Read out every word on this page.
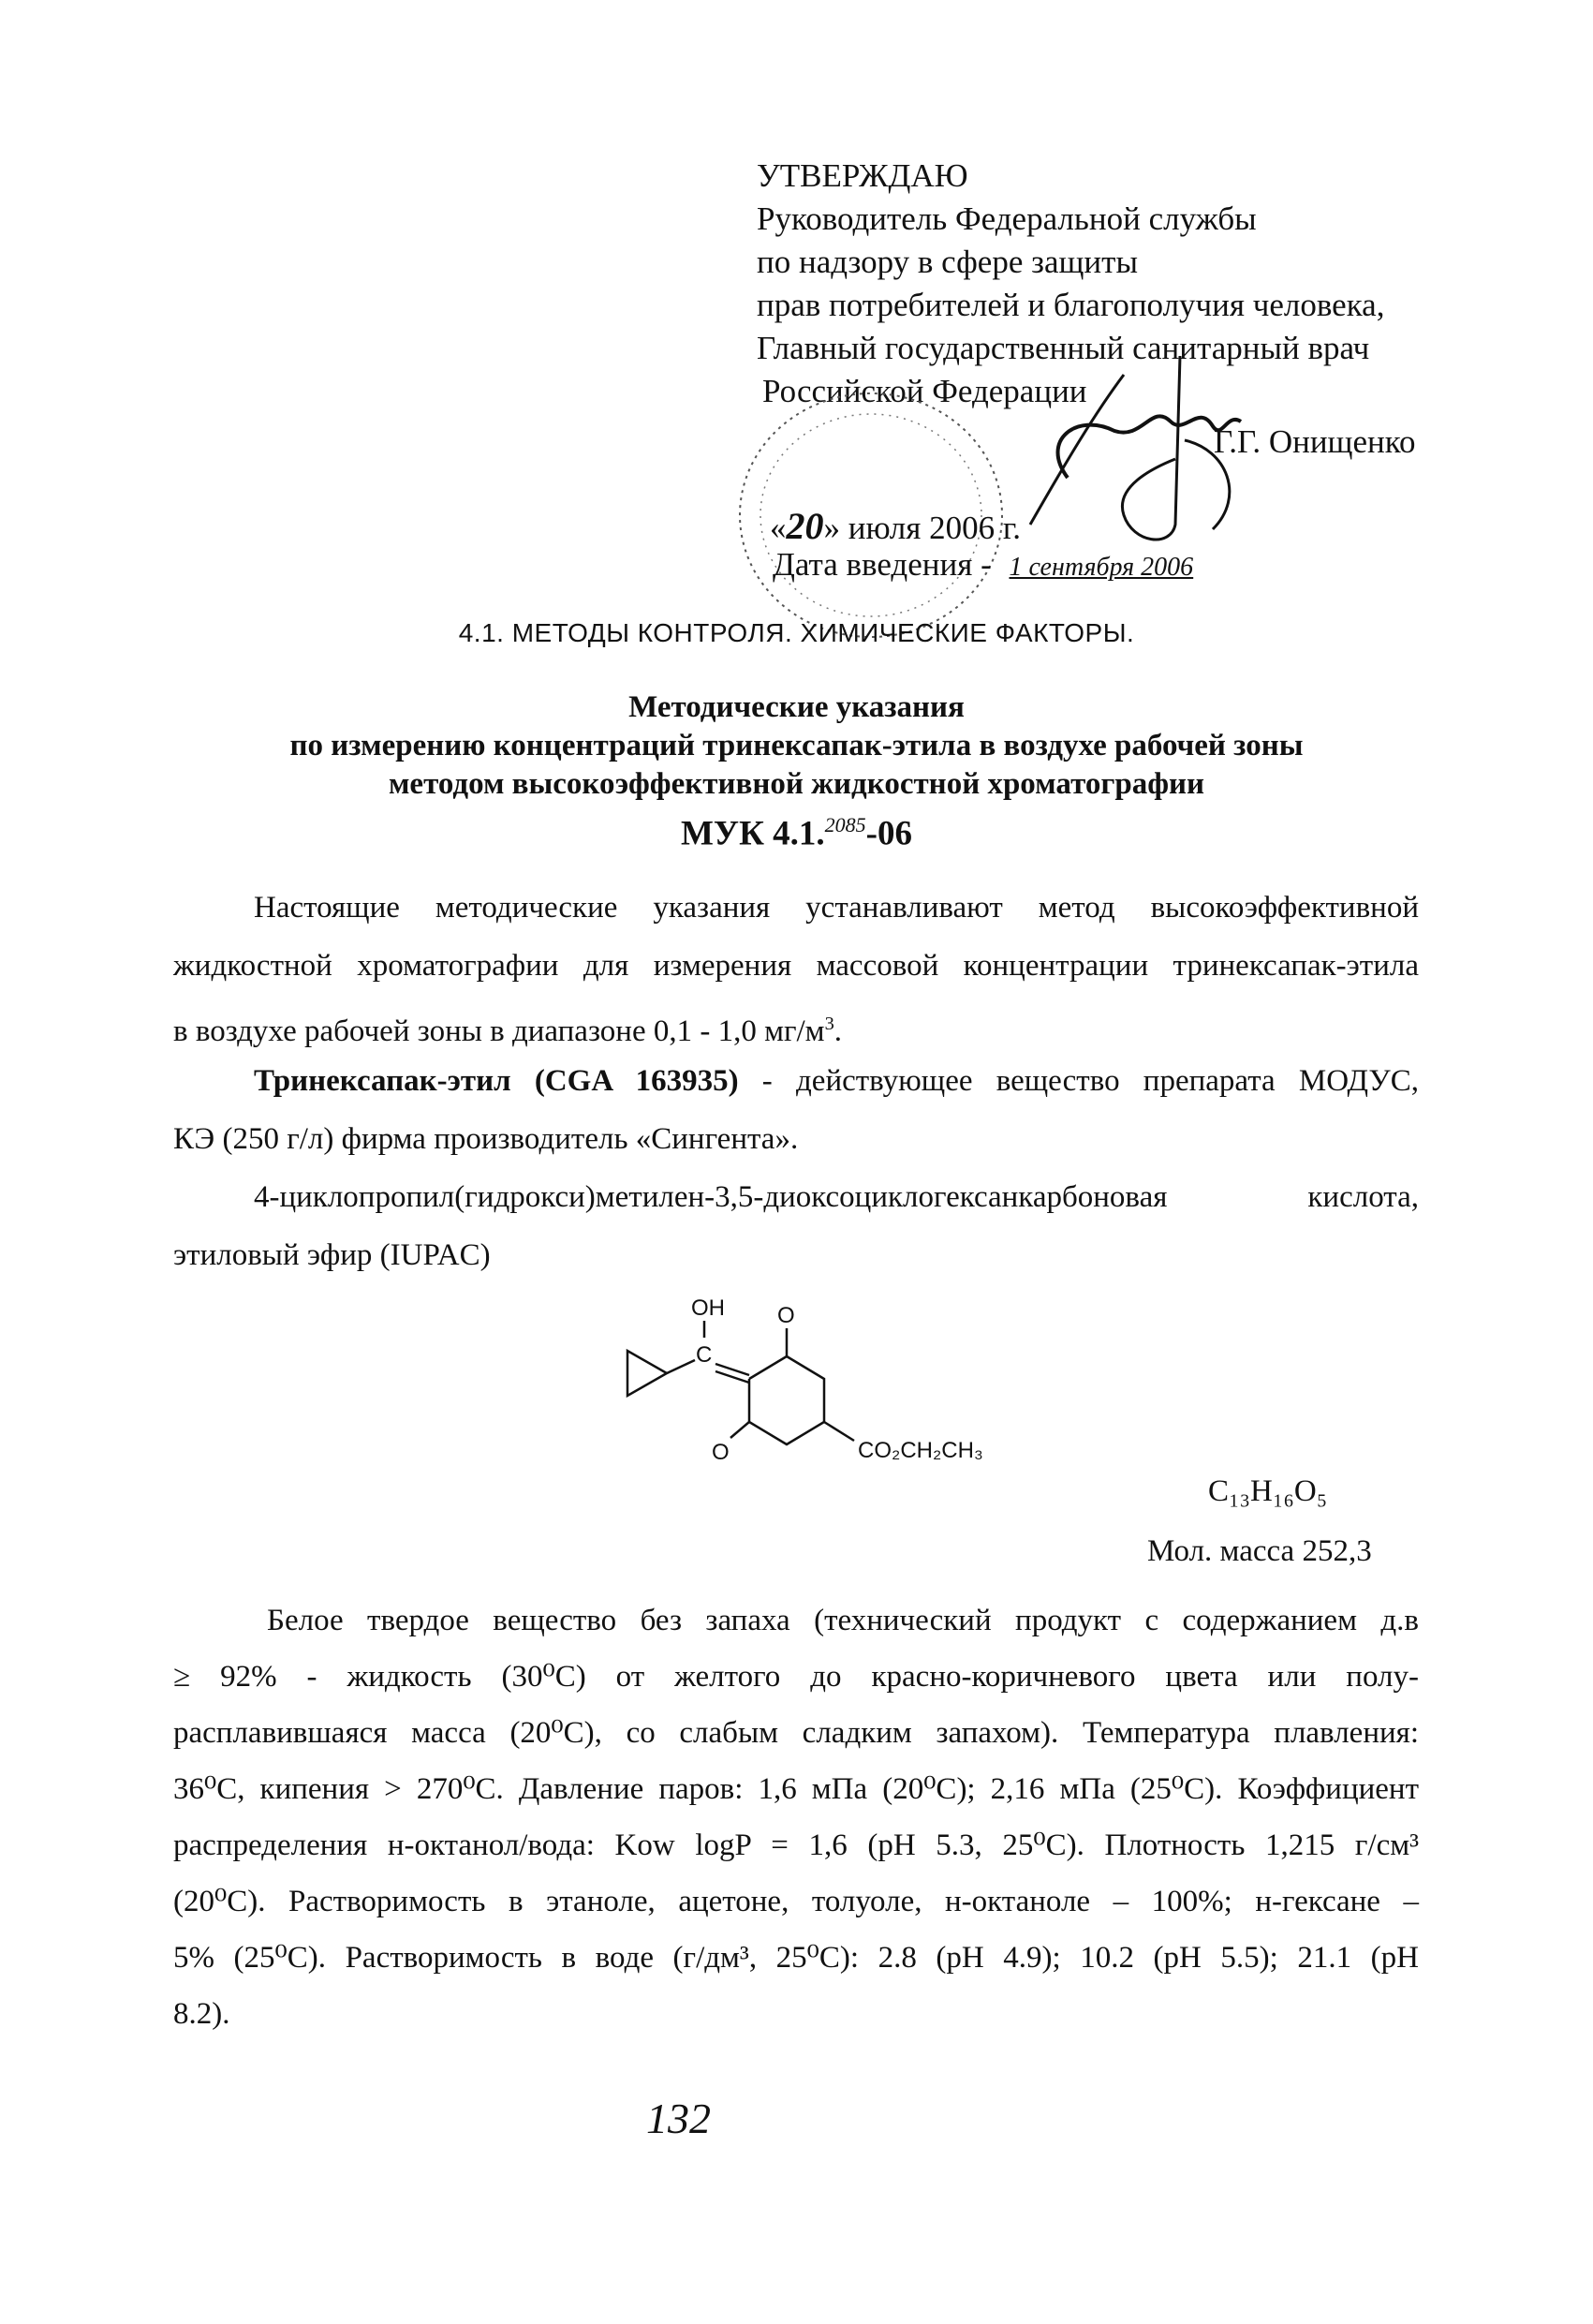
УТВЕРЖДАЮ
Руководитель Федеральной службы
по надзору в сфере защиты
прав потребителей и благополучия человека,
Главный государственный санитарный врач
Российской Федерации
Г.Г. Онищенко
«20» июля 2006 г.
Дата введения - 1 сентября 2006
4.1. МЕТОДЫ КОНТРОЛЯ. ХИМИЧЕСКИЕ ФАКТОРЫ.
Методические указания
по измерению концентраций тринексапак-этила в воздухе рабочей зоны
методом высокоэффективной жидкостной хроматографии
МУК 4.1.$^{2085}$-06
Настоящие методические указания устанавливают метод высокоэффективной
жидкостной хроматографии для измерения массовой концентрации тринексапак-этила
в воздухе рабочей зоны в диапазоне 0,1 - 1,0 $мг/м^3$.
Тринексапак-этил (CGA 163935) - действующее вещество препарата МОДУС,
КЭ (250 г/л) фирма производитель «Сингента».
4-циклопропил(гидрокси)метилен-3,5-диоксоциклогексанкарбоновая кислота,
этиловый эфир (IUPAC)
OH O
C
O	CO₂CH₂CH₃
C₁₃H₁₆O₅
Мол. масса 252,3
Белое твердое вещество без запаха (технический продукт с содержанием д.в
≥ 92% - жидкость (30⁰С) от желтого до красно-коричневого цвета или полу-
расплавившаяся масса (20⁰С), со слабым сладким запахом). Температура плавления:
36⁰С, кипения > 270⁰С. Давление паров: 1,6 мПа (20⁰С); 2,16 мПа (25⁰С). Коэффициент
распределения н-октанол/вода: Kow logP = 1,6 (pH 5.3, 25⁰С). Плотность 1,215 г/см³
(20⁰С). Растворимость в этаноле, ацетоне, толуоле, н-октаноле – 100%; н-гексане –
5% (25⁰С). Растворимость в воде (г/дм³, 25⁰С): 2.8 (pH 4.9); 10.2 (pH 5.5); 21.1 (pH
8.2).
132
